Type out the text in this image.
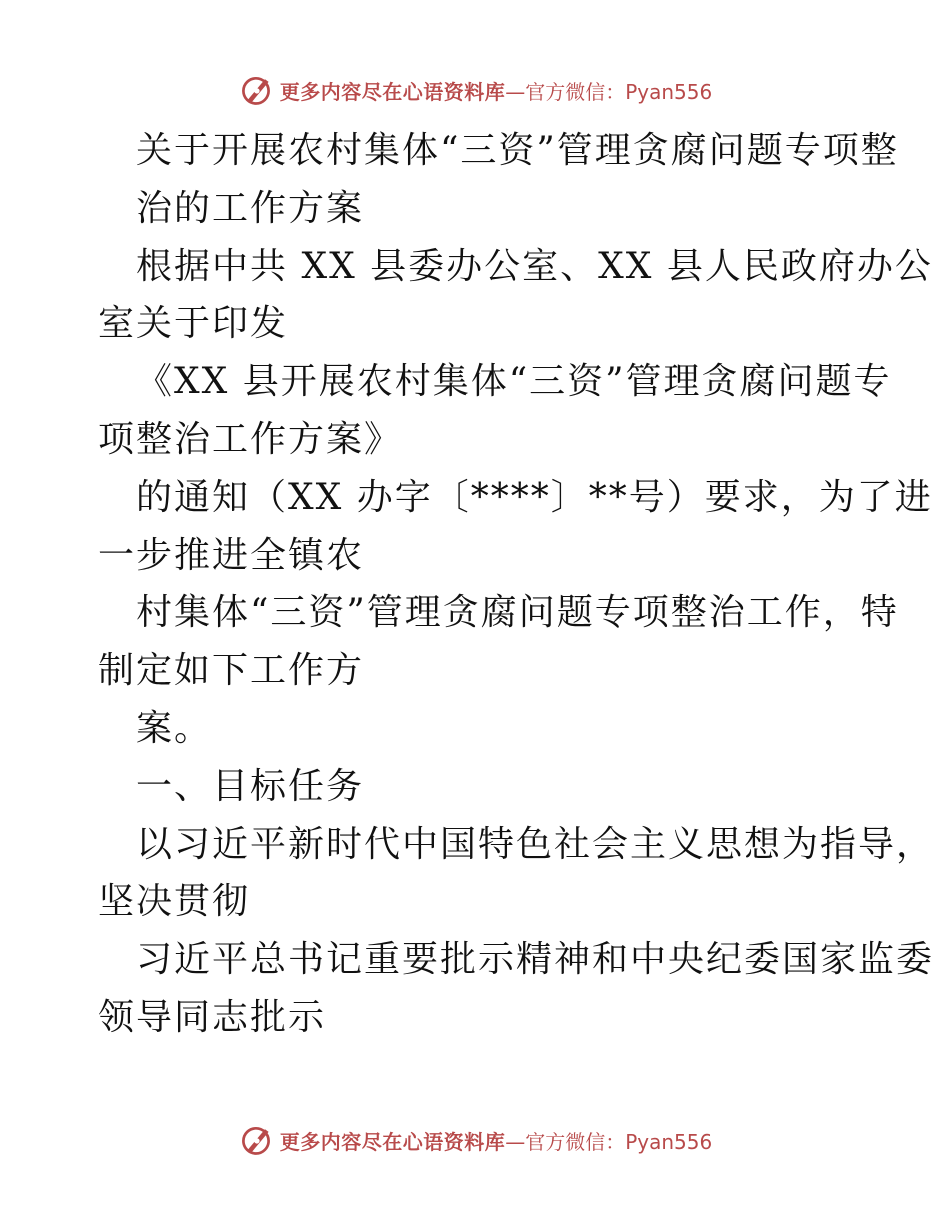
更多内容尽在心语资料库 —官方微信：Pyan556
关于开展农村集体“三资”管理贪腐问题专项整
治的工作方案
根据中共 XX 县委办公室、XX 县人民政府办公
室关于印发
《XX 县开展农村集体“三资”管理贪腐问题专
项整治工作方案》
的通知（XX 办字〔****〕**号）要求，为了进
一步推进全镇农
村集体“三资”管理贪腐问题专项整治工作，特
制定如下工作方
案。
一、目标任务
以习近平新时代中国特色社会主义思想为指导，
坚决贯彻
习近平总书记重要批示精神和中央纪委国家监委
领导同志批示
更多内容尽在心语资料库 —官方微信：Pyan556
